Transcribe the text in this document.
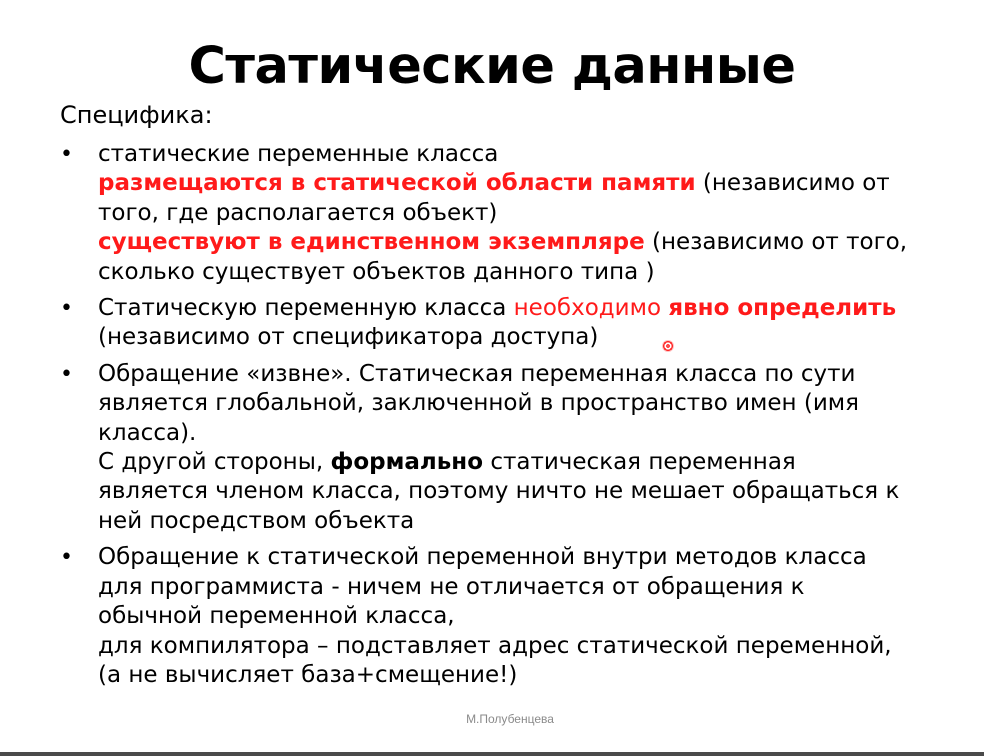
Статические данные
Специфика:
• статические переменные класса
размещаются в статической области памяти (независимо от
того, где располагается объект)
существуют в единственном экземпляре (независимо от того,
сколько существует объектов данного типа )
• Статическую переменную класса необходимо явно определить
(независимо от спецификатора доступа)
• Обращение «извне». Статическая переменная класса по сути
является глобальной, заключенной в пространство имен (имя
класса).
С другой стороны, формально статическая переменная
является членом класса, поэтому ничто не мешает обращаться к
ней посредством объекта
• Обращение к статической переменной внутри методов класса
для программиста - ничем не отличается от обращения к
обычной переменной класса,
для компилятора – подставляет адрес статической переменной,
(а не вычисляет база+смещение!)
М.Полубенцева
